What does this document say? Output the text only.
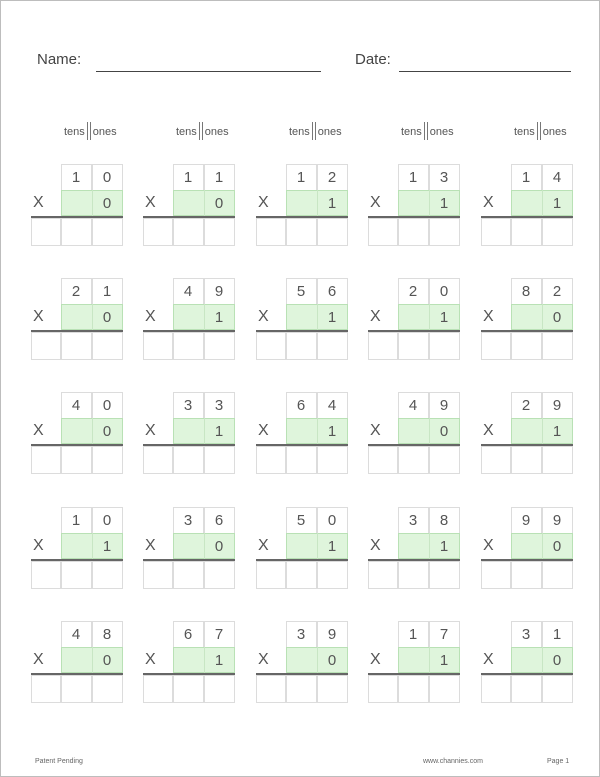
Name:	Date:
tens ones	tens ones	tens ones	tens ones	tens ones
1	0
0
X
1	1
0
X
1	2
1
X
1	3
1
X
1	4
1
X
2	1
0
X
4	9
1
X
5	6
1
X
2	0
1
X
8	2
0
X
4	0
0
X
3	3
1
X
6	4
1
X
4	9
0
X
2	9
1
X
1	0
1
X
3	6
0
X
5	0
1
X
3	8
1
X
9	9
0
X
4	8
0
X
6	7
1
X
3	9
0
X
1	7
1
X
3	1
0
X
Patent Pending	www.channies.com	Page 1
